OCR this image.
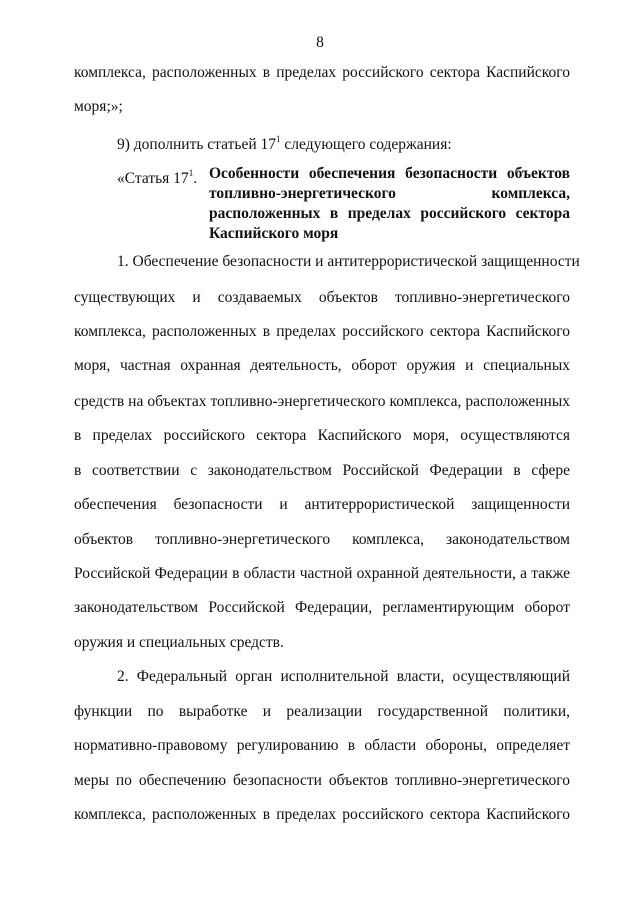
8
комплекса, расположенных в пределах российского сектора Каспийского
моря;»;
9) дополнить статьей $17^1$ следующего содержания:
«Статья $17^1$. Особенности обеспечения безопасности объектов
топливно-энергетического комплекса,
расположенных в пределах российского сектора
Каспийского моря
1. Обеспечение безопасности и антитеррористической защищенности
существующих и создаваемых объектов топливно-энергетического
комплекса, расположенных в пределах российского сектора Каспийского
моря, частная охранная деятельность, оборот оружия и специальных
средств на объектах топливно-энергетического комплекса, расположенных
в пределах российского сектора Каспийского моря, осуществляются
в соответствии с законодательством Российской Федерации в сфере
обеспечения безопасности и антитеррористической защищенности
объектов топливно-энергетического комплекса, законодательством
Российской Федерации в области частной охранной деятельности, а также
законодательством Российской Федерации, регламентирующим оборот
оружия и специальных средств.
2. Федеральный орган исполнительной власти, осуществляющий
функции по выработке и реализации государственной политики,
нормативно-правовому регулированию в области обороны, определяет
меры по обеспечению безопасности объектов топливно-энергетического
комплекса, расположенных в пределах российского сектора Каспийского
